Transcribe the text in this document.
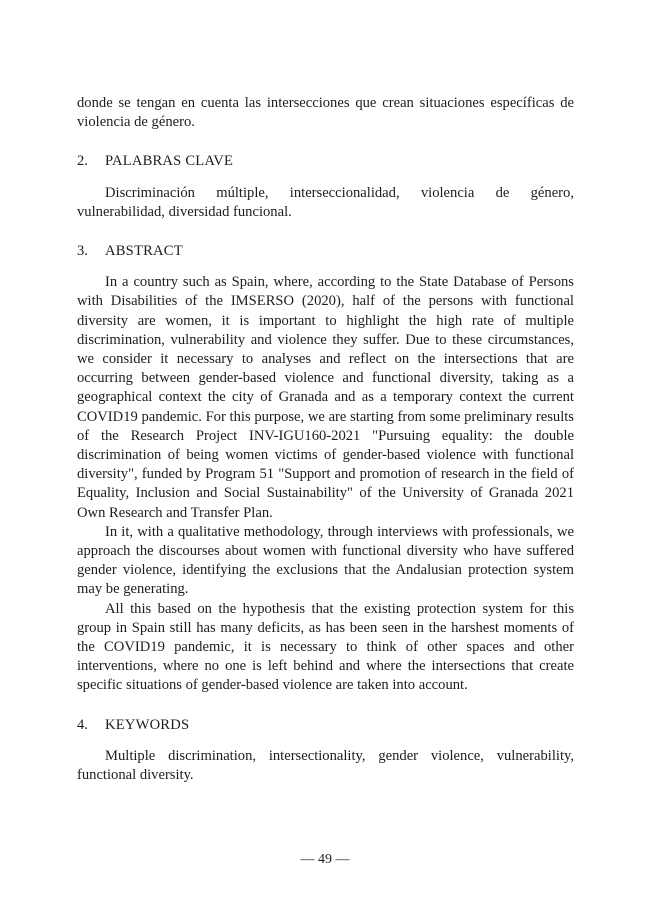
donde se tengan en cuenta las intersecciones que crean situaciones específicas de violencia de género.

2.	PALABRAS CLAVE

Discriminación múltiple, interseccionalidad, violencia de género, vulnerabilidad, diversidad funcional.

3.	ABSTRACT

In a country such as Spain, where, according to the State Database of Persons with Disabilities of the IMSERSO (2020), half of the persons with functional diversity are women, it is important to highlight the high rate of multiple discrimination, vulnerability and violence they suffer. Due to these circumstances, we consider it necessary to analyses and reflect on the intersections that are occurring between gender-based violence and functional diversity, taking as a geographical context the city of Granada and as a temporary context the current COVID19 pandemic. For this purpose, we are starting from some preliminary results of the Research Project INV-IGU160-2021 "Pursuing equality: the double discrimination of being women victims of gender-based violence with functional diversity", funded by Program 51 "Support and promotion of research in the field of Equality, Inclusion and Social Sustainability" of the University of Granada 2021 Own Research and Transfer Plan.

In it, with a qualitative methodology, through interviews with professionals, we approach the discourses about women with functional diversity who have suffered gender violence, identifying the exclusions that the Andalusian protection system may be generating.

All this based on the hypothesis that the existing protection system for this group in Spain still has many deficits, as has been seen in the harshest moments of the COVID19 pandemic, it is necessary to think of other spaces and other interventions, where no one is left behind and where the intersections that create specific situations of gender-based violence are taken into account.

4.	KEYWORDS

Multiple discrimination, intersectionality, gender violence, vulnerability, functional diversity.

— 49 —
